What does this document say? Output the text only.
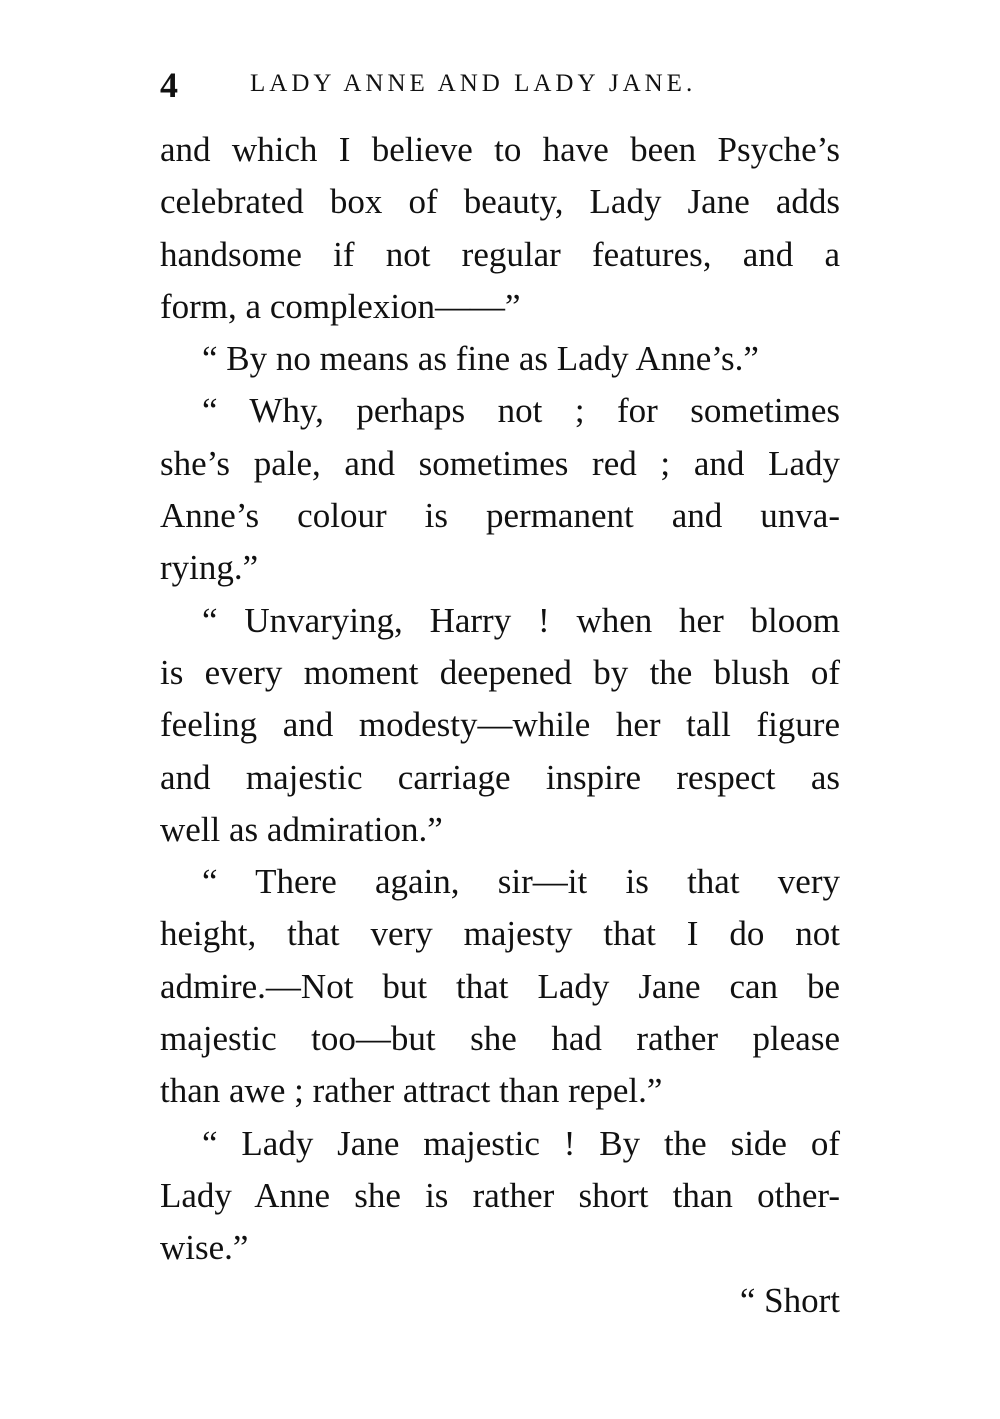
4	LADY ANNE AND LADY JANE.
and which I believe to have been Psyche’s
celebrated box of beauty, Lady Jane adds
handsome if not regular features, and a
form, a complexion——”
“ By no means as fine as Lady Anne’s.”
“ Why, perhaps not ; for sometimes
she’s pale, and sometimes red ; and Lady
Anne’s colour is permanent and unva-
rying.”
“ Unvarying, Harry ! when her bloom
is every moment deepened by the blush of
feeling and modesty—while her tall figure
and majestic carriage inspire respect as
well as admiration.”
“ There again, sir—it is that very
height, that very majesty that I do not
admire.—Not but that Lady Jane can be
majestic too—but she had rather please
than awe ; rather attract than repel.”
“ Lady Jane majestic ! By the side of
Lady Anne she is rather short than other-
wise.”
“ Short
